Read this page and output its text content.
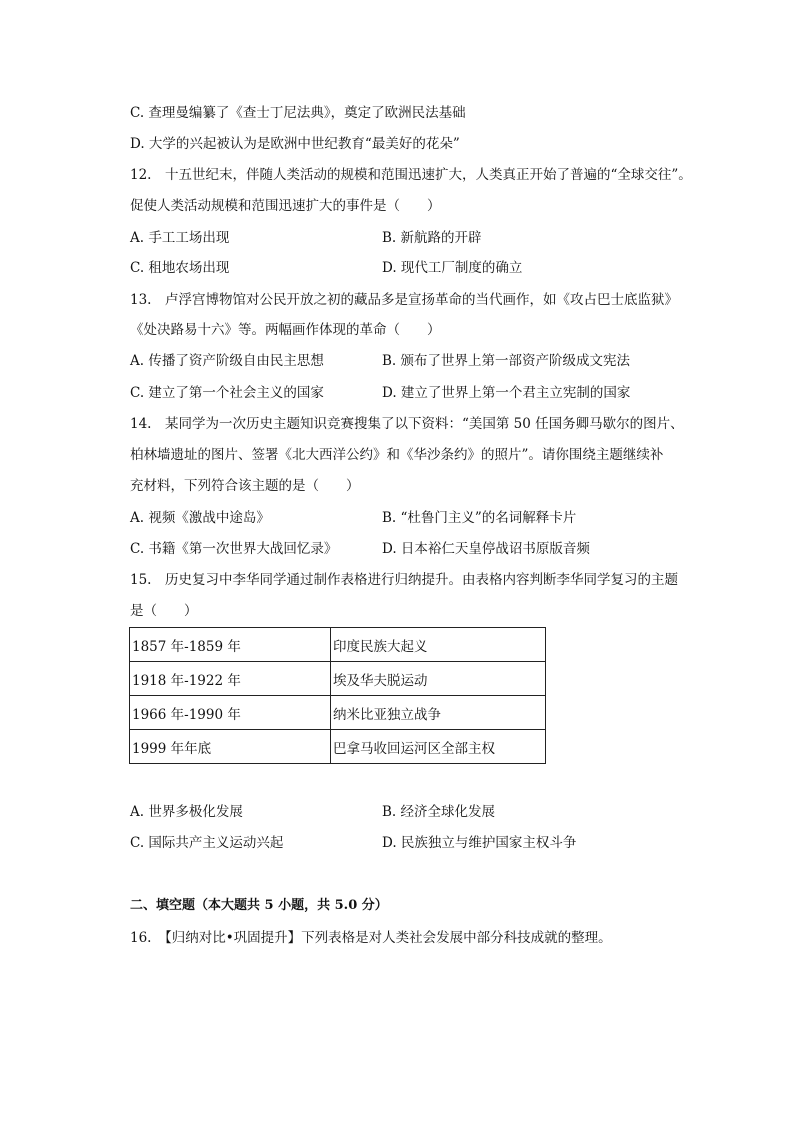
C. 查理曼编纂了《查士丁尼法典》，奠定了欧洲民法基础
D. 大学的兴起被认为是欧洲中世纪教育“最美好的花朵”
12.　十五世纪末，伴随人类活动的规模和范围迅速扩大，人类真正开始了普遍的“全球交往”。
促使人类活动规模和范围迅速扩大的事件是（　　）
A. 手工工场出现	B. 新航路的开辟
C. 租地农场出现	D. 现代工厂制度的确立
13.　卢浮宫博物馆对公民开放之初的藏品多是宣扬革命的当代画作，如《攻占巴士底监狱》
《处决路易十六》等。两幅画作体现的革命（　　）
A. 传播了资产阶级自由民主思想	B. 颁布了世界上第一部资产阶级成文宪法
C. 建立了第一个社会主义的国家	D. 建立了世界上第一个君主立宪制的国家
14.　某同学为一次历史主题知识竞赛搜集了以下资料：“美国第 50 任国务卿马歇尔的图片、
柏林墙遗址的图片、签署《北大西洋公约》和《华沙条约》的照片”。请你围绕主题继续补
充材料，下列符合该主题的是（　　）
A. 视频《激战中途岛》	B. “杜鲁门主义”的名词解释卡片
C. 书籍《第一次世界大战回忆录》	D. 日本裕仁天皇停战诏书原版音频
15.　历史复习中李华同学通过制作表格进行归纳提升。由表格内容判断李华同学复习的主题
是（　　）
1857 年-1859 年	印度民族大起义
1918 年-1922 年	埃及华夫脱运动
1966 年-1990 年	纳米比亚独立战争
1999 年年底	巴拿马收回运河区全部主权
A. 世界多极化发展	B. 经济全球化发展
C. 国际共产主义运动兴起	D. 民族独立与维护国家主权斗争
二、填空题（本大题共 5 小题，共 5.0 分）
16.　【归纳对比•巩固提升】下列表格是对人类社会发展中部分科技成就的整理。
